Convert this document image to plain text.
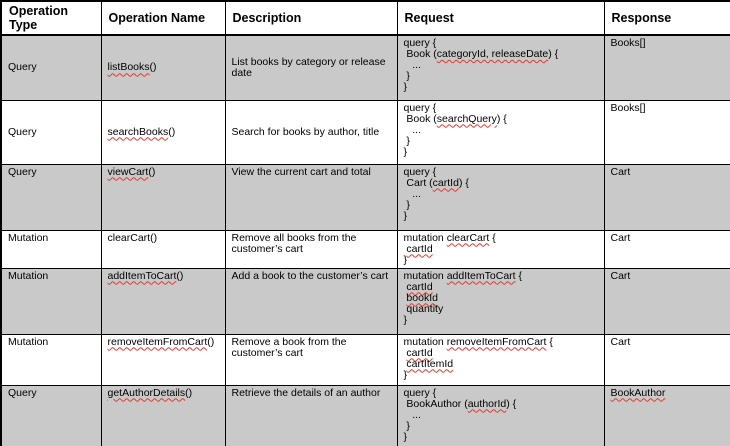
Operation Type	Operation Name	Description	Request	Response
Query	listBooks()	List books by category or release date	query {
Book (categoryId, releaseDate) {
...
}
}	Books[]
Query	searchBooks()	Search for books by author, title	query {
Book (searchQuery) {
...
}
}	Books[]
Query	viewCart()	View the current cart and total	query {
Cart (cartId) {
...
}
}	Cart
Mutation	clearCart()	Remove all books from the customer’s cart	mutation clearCart {
cartId
}	Cart
Mutation	addItemToCart()	Add a book to the customer’s cart	mutation addItemToCart {
cartId
bookId
quantity
}	Cart
Mutation	removeItemFromCart()	Remove a book from the customer’s cart	mutation removeItemFromCart {
cartId
cartItemId
}	Cart
Query	getAuthorDetails()	Retrieve the details of an author	query {
BookAuthor (authorId) {
...
}
}	BookAuthor
